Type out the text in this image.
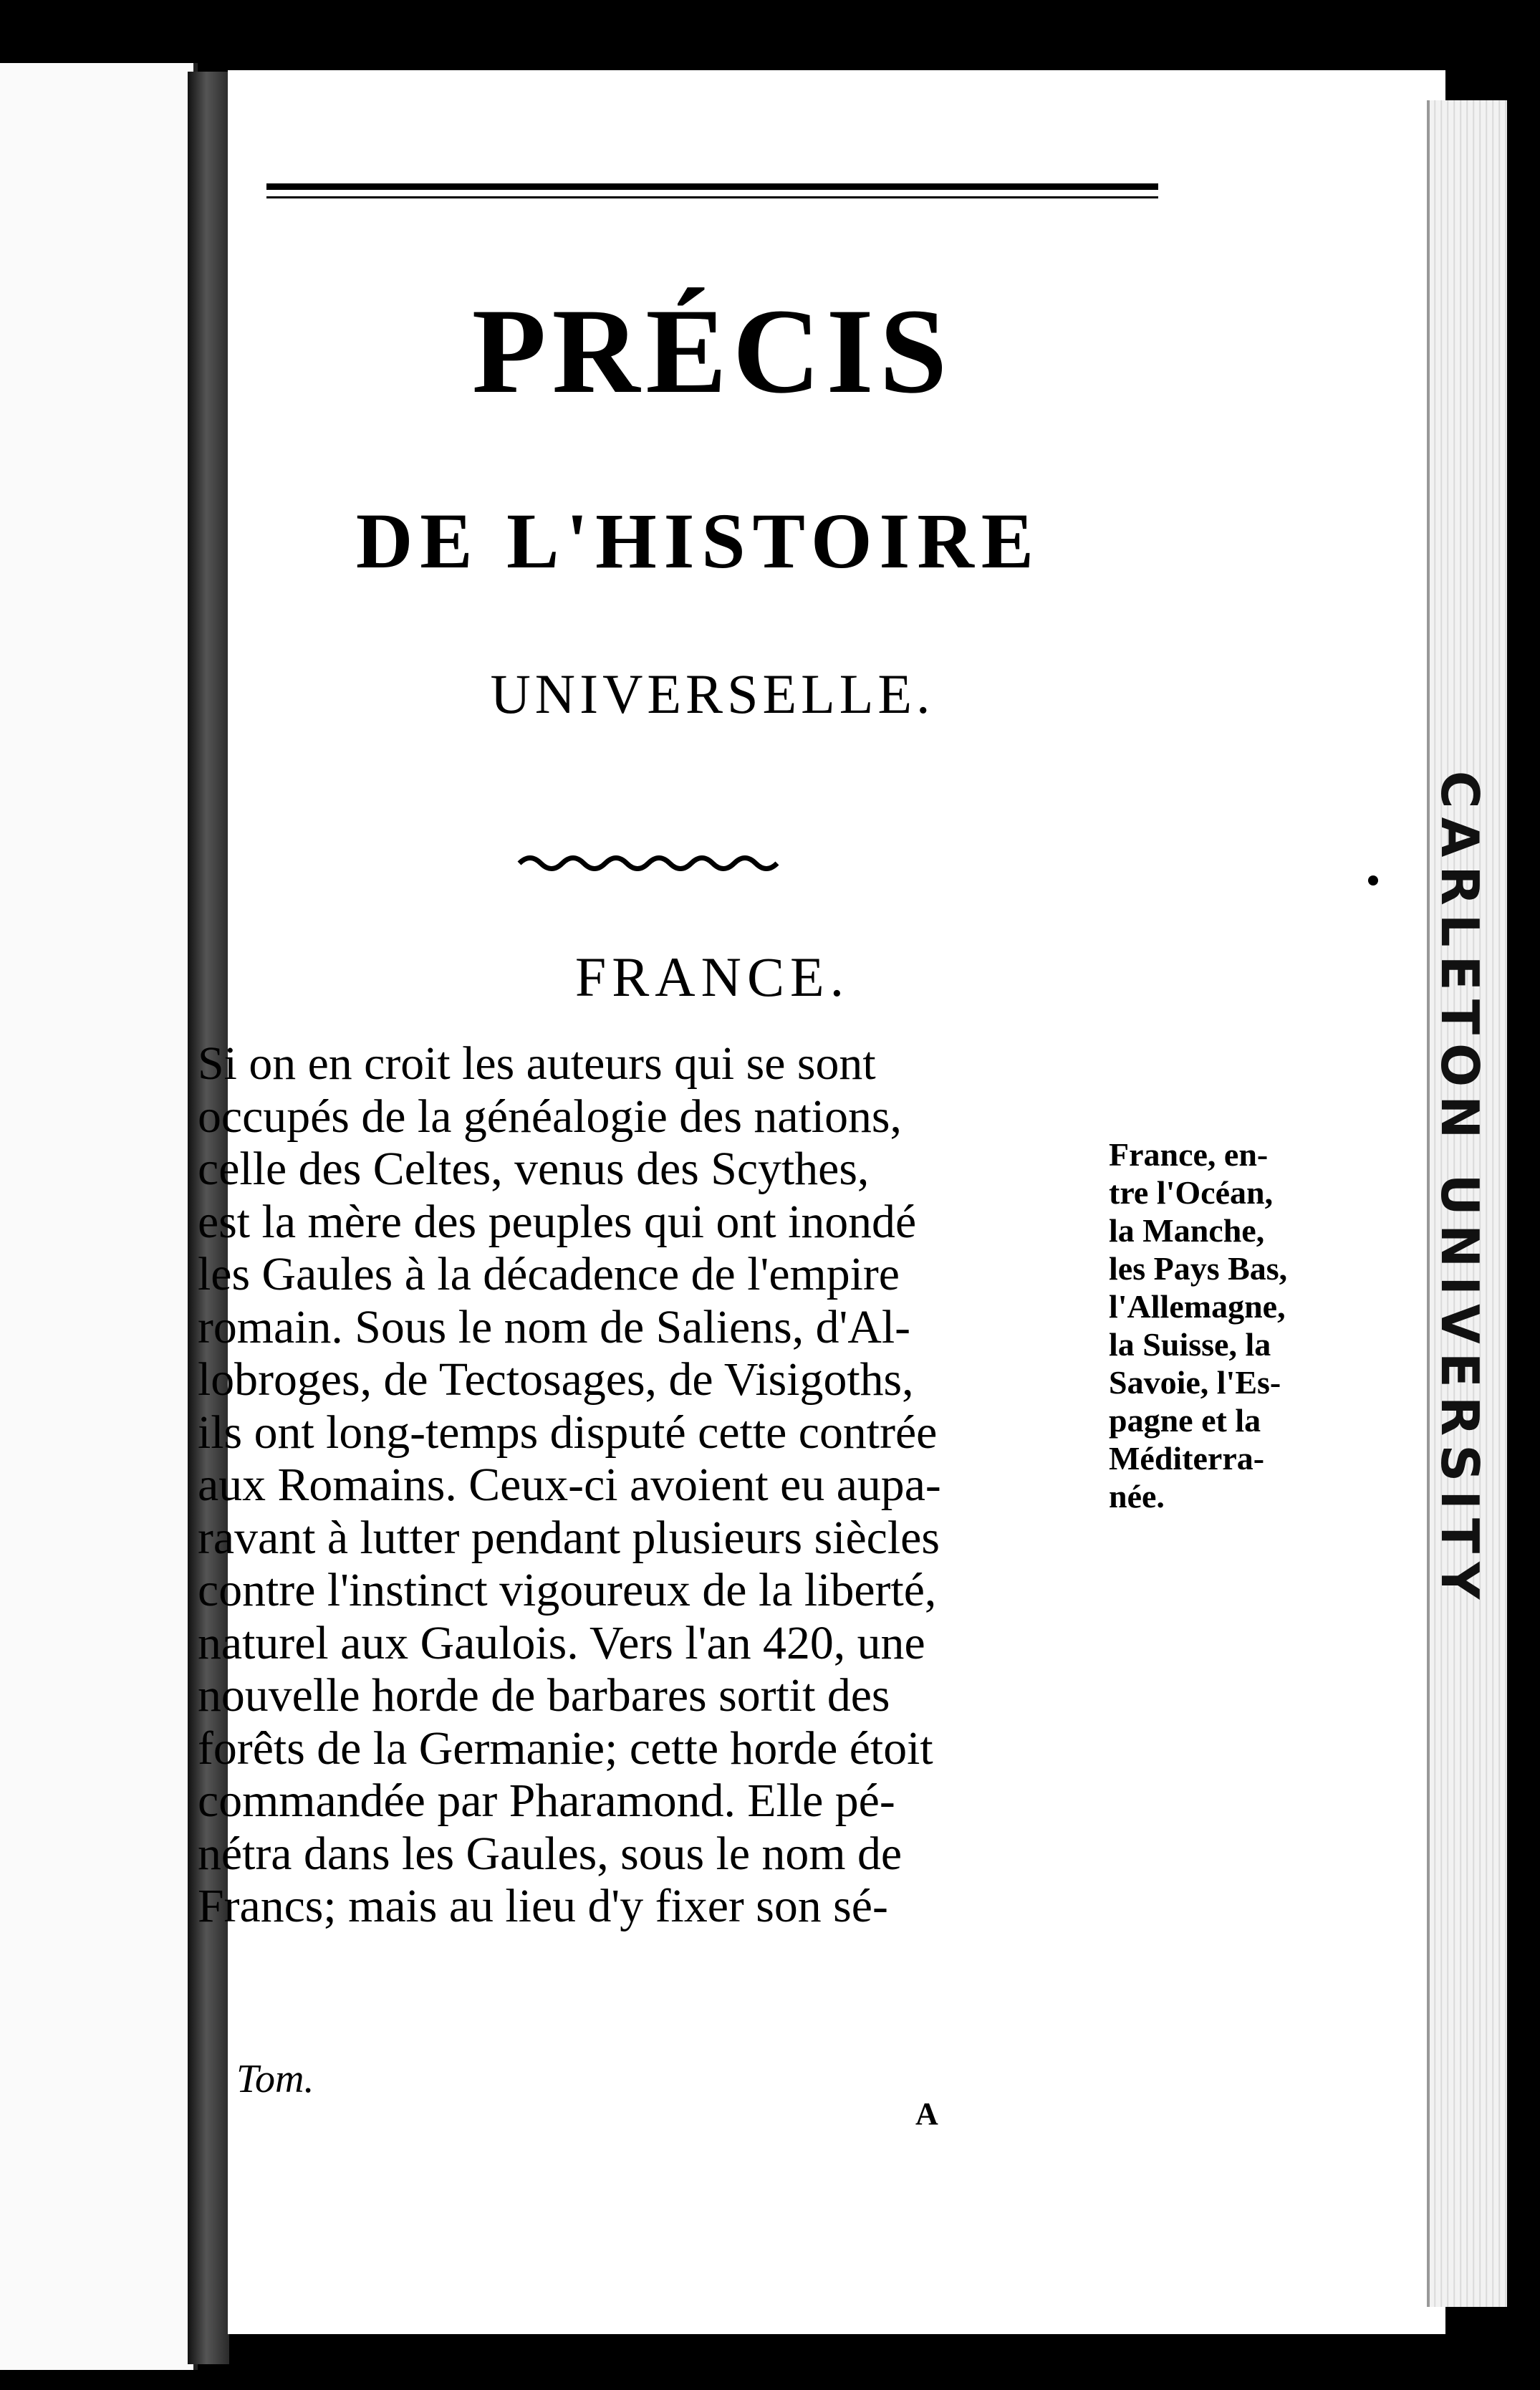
CARLETON UNIVERSITY
PRÉCIS
DE L'HISTOIRE
UNIVERSELLE.
FRANCE.
Si on en croit les auteurs qui se sont
occupés de la généalogie des nations,
celle des Celtes, venus des Scythes,
est la mère des peuples qui ont inondé
les Gaules à la décadence de l'empire
romain. Sous le nom de Saliens, d'Al-
lobroges, de Tectosages, de Visigoths,
ils ont long-temps disputé cette contrée
aux Romains. Ceux-ci avoient eu aupa-
ravant à lutter pendant plusieurs siècles
contre l'instinct vigoureux de la liberté,
naturel aux Gaulois. Vers l'an 420, une
nouvelle horde de barbares sortit des
forêts de la Germanie; cette horde étoit
commandée par Pharamond. Elle pé-
nétra dans les Gaules, sous le nom de
Francs; mais au lieu d'y fixer son sé-
France, en-
tre l'Océan,
la Manche,
les Pays Bas,
l'Allemagne,
la Suisse, la
Savoie, l'Es-
pagne et la
Méditerra-
née.
Tom.
A
